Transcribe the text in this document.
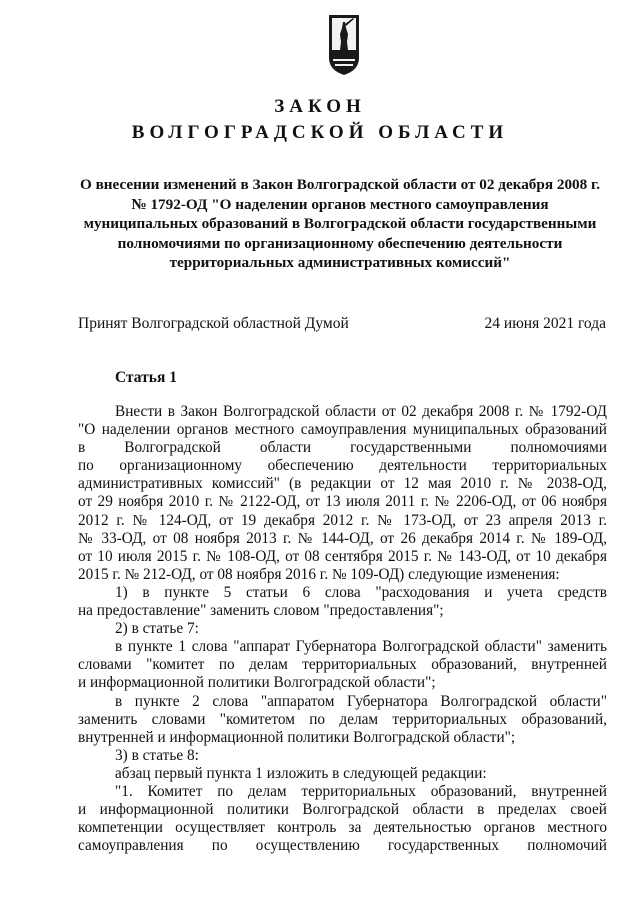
ЗАКОН
ВОЛГОГРАДСКОЙ ОБЛАСТИ
О внесении изменений в Закон Волгоградской области от 02 декабря 2008 г.
№ 1792-ОД "О наделении органов местного самоуправления
муниципальных образований в Волгоградской области государственными
полномочиями по организационному обеспечению деятельности
территориальных административных комиссий"
Принят Волгоградской областной Думой	24 июня 2021 года
Статья 1
Внести в Закон Волгоградской области от 02 декабря 2008 г. № 1792-ОД
"О наделении органов местного самоуправления муниципальных образований
в Волгоградской области государственными полномочиями
по организационному обеспечению деятельности территориальных
административных комиссий" (в редакции от 12 мая 2010 г. № 2038-ОД,
от 29 ноября 2010 г. № 2122-ОД, от 13 июля 2011 г. № 2206-ОД, от 06 ноября
2012 г. № 124-ОД, от 19 декабря 2012 г. № 173-ОД, от 23 апреля 2013 г.
№ 33-ОД, от 08 ноября 2013 г. № 144-ОД, от 26 декабря 2014 г. № 189-ОД,
от 10 июля 2015 г. № 108-ОД, от 08 сентября 2015 г. № 143-ОД, от 10 декабря
2015 г. № 212-ОД, от 08 ноября 2016 г. № 109-ОД) следующие изменения:
1) в пункте 5 статьи 6 слова "расходования и учета средств
на предоставление" заменить словом "предоставления";
2) в статье 7:
в пункте 1 слова "аппарат Губернатора Волгоградской области" заменить
словами "комитет по делам территориальных образований, внутренней
и информационной политики Волгоградской области";
в пункте 2 слова "аппаратом Губернатора Волгоградской области"
заменить словами "комитетом по делам территориальных образований,
внутренней и информационной политики Волгоградской области";
3) в статье 8:
абзац первый пункта 1 изложить в следующей редакции:
"1. Комитет по делам территориальных образований, внутренней
и информационной политики Волгоградской области в пределах своей
компетенции осуществляет контроль за деятельностью органов местного
самоуправления по осуществлению государственных полномочий
